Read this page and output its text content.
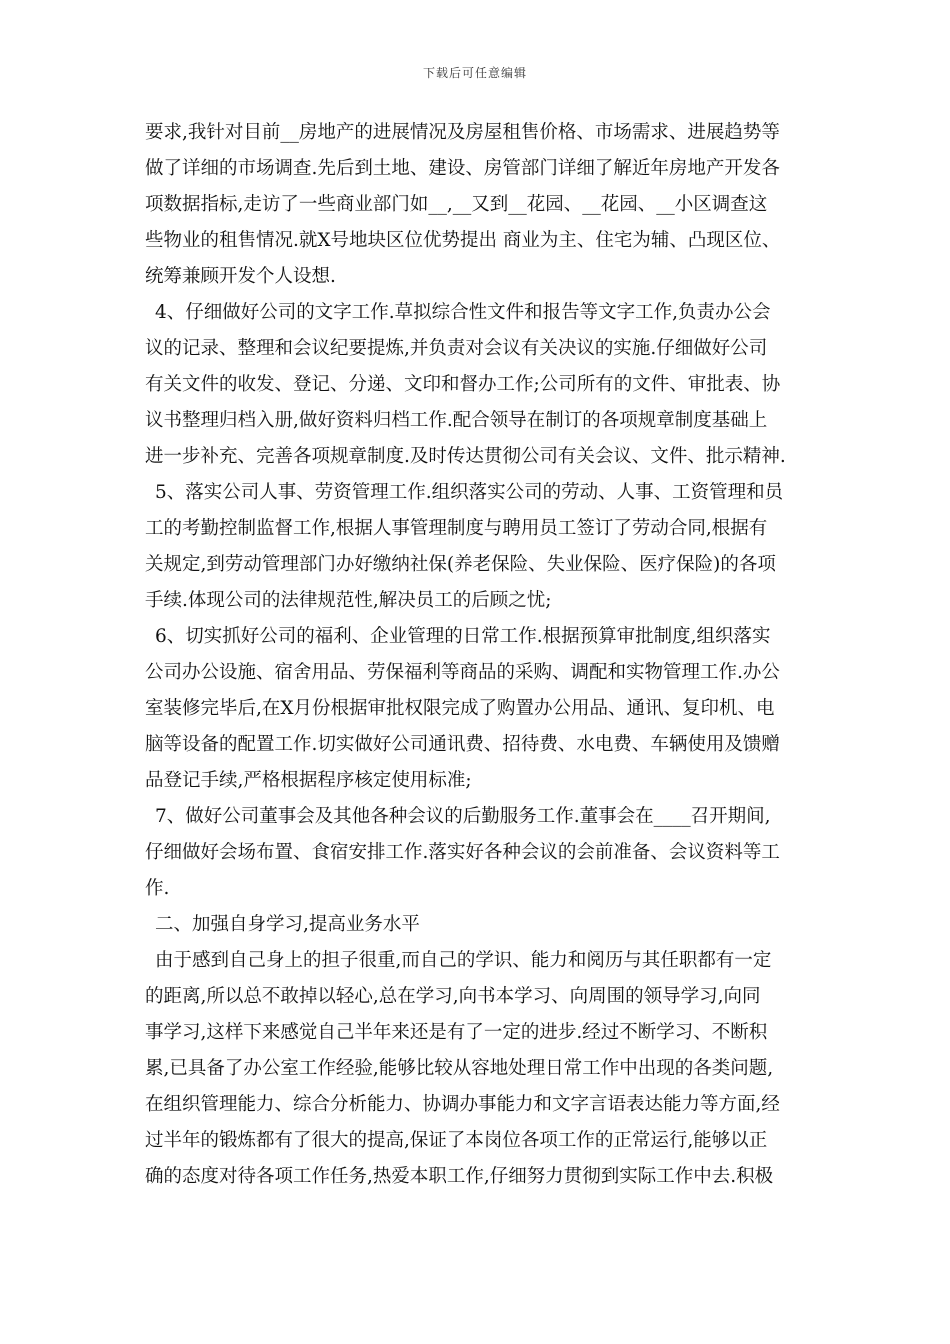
下载后可任意编辑
要求,我针对目前__房地产的进展情况及房屋租售价格、市场需求、进展趋势等
做了详细的市场调查.先后到土地、建设、房管部门详细了解近年房地产开发各
项数据指标,走访了一些商业部门如__,__又到__花园、__花园、__小区调查这
些物业的租售情况.就X号地块区位优势提出 商业为主、住宅为辅、凸现区位、
统筹兼顾开发个人设想.
4、仔细做好公司的文字工作.草拟综合性文件和报告等文字工作,负责办公会
议的记录、整理和会议纪要提炼,并负责对会议有关决议的实施.仔细做好公司
有关文件的收发、登记、分递、文印和督办工作;公司所有的文件、审批表、协
议书整理归档入册,做好资料归档工作.配合领导在制订的各项规章制度基础上
进一步补充、完善各项规章制度.及时传达贯彻公司有关会议、文件、批示精神.
5、落实公司人事、劳资管理工作.组织落实公司的劳动、人事、工资管理和员
工的考勤控制监督工作,根据人事管理制度与聘用员工签订了劳动合同,根据有
关规定,到劳动管理部门办好缴纳社保(养老保险、失业保险、医疗保险)的各项
手续.体现公司的法律规范性,解决员工的后顾之忧;
6、切实抓好公司的福利、企业管理的日常工作.根据预算审批制度,组织落实
公司办公设施、宿舍用品、劳保福利等商品的采购、调配和实物管理工作.办公
室装修完毕后,在X月份根据审批权限完成了购置办公用品、通讯、复印机、电
脑等设备的配置工作.切实做好公司通讯费、招待费、水电费、车辆使用及馈赠
品登记手续,严格根据程序核定使用标准;
7、做好公司董事会及其他各种会议的后勤服务工作.董事会在____召开期间,
仔细做好会场布置、食宿安排工作.落实好各种会议的会前准备、会议资料等工
作.
二、加强自身学习,提高业务水平
由于感到自己身上的担子很重,而自己的学识、能力和阅历与其任职都有一定
的距离,所以总不敢掉以轻心,总在学习,向书本学习、向周围的领导学习,向同
事学习,这样下来感觉自己半年来还是有了一定的进步.经过不断学习、不断积
累,已具备了办公室工作经验,能够比较从容地处理日常工作中出现的各类问题,
在组织管理能力、综合分析能力、协调办事能力和文字言语表达能力等方面,经
过半年的锻炼都有了很大的提高,保证了本岗位各项工作的正常运行,能够以正
确的态度对待各项工作任务,热爱本职工作,仔细努力贯彻到实际工作中去.积极
